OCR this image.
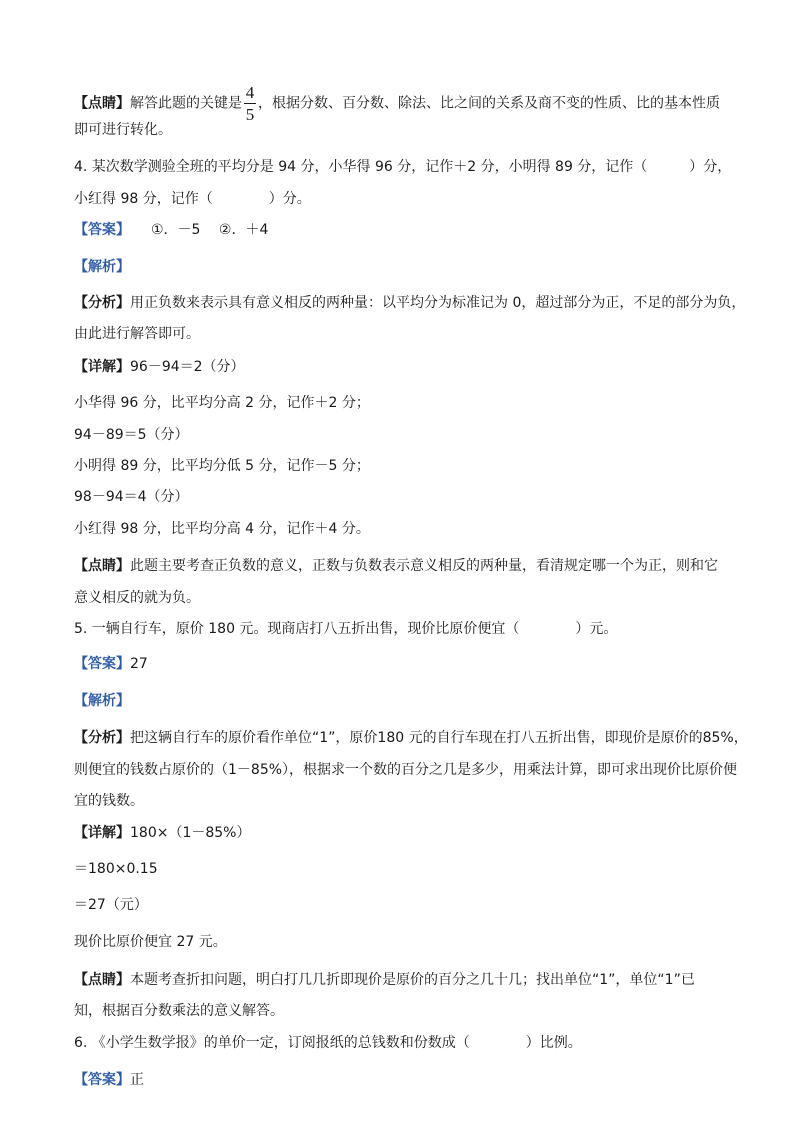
【点睛】解答此题的关键是 $\frac{4}{5}$ ，根据分数、百分数、除法、比之间的关系及商不变的性质、比的基本性质
即可进行转化。
4. 某次数学测验全班的平均分是 94 分，小华得 96 分，记作＋2 分，小明得 89 分，记作（　　　）分，
小红得 98 分，记作（　　　　）分。
【答案】　　①．－5　 ②．＋4
【解析】
【分析】用正负数来表示具有意义相反的两种量：以平均分为标准记为 0，超过部分为正，不足的部分为负，
由此进行解答即可。
【详解】96－94＝2（分）
小华得 96 分，比平均分高 2 分，记作＋2 分；
94－89＝5（分）
小明得 89 分，比平均分低 5 分，记作－5 分；
98－94＝4（分）
小红得 98 分，比平均分高 4 分，记作＋4 分。
【点睛】此题主要考查正负数的意义，正数与负数表示意义相反的两种量，看清规定哪一个为正，则和它
意义相反的就为负。
5. 一辆自行车，原价 180 元。现商店打八五折出售，现价比原价便宜（　　　　）元。
【答案】27
【解析】
【分析】把这辆自行车的原价看作单位“1”，原价180 元的自行车现在打八五折出售，即现价是原价的85%，
则便宜的钱数占原价的（1－85%），根据求一个数的百分之几是多少，用乘法计算，即可求出现价比原价便
宜的钱数。
【详解】180×（1－85%）
＝180×0.15
＝27（元）
现价比原价便宜 27 元。
【点睛】本题考查折扣问题，明白打几几折即现价是原价的百分之几十几；找出单位“1”，单位“1”已
知，根据百分数乘法的意义解答。
6. 《小学生数学报》的单价一定，订阅报纸的总钱数和份数成（　　　　）比例。
【答案】正
